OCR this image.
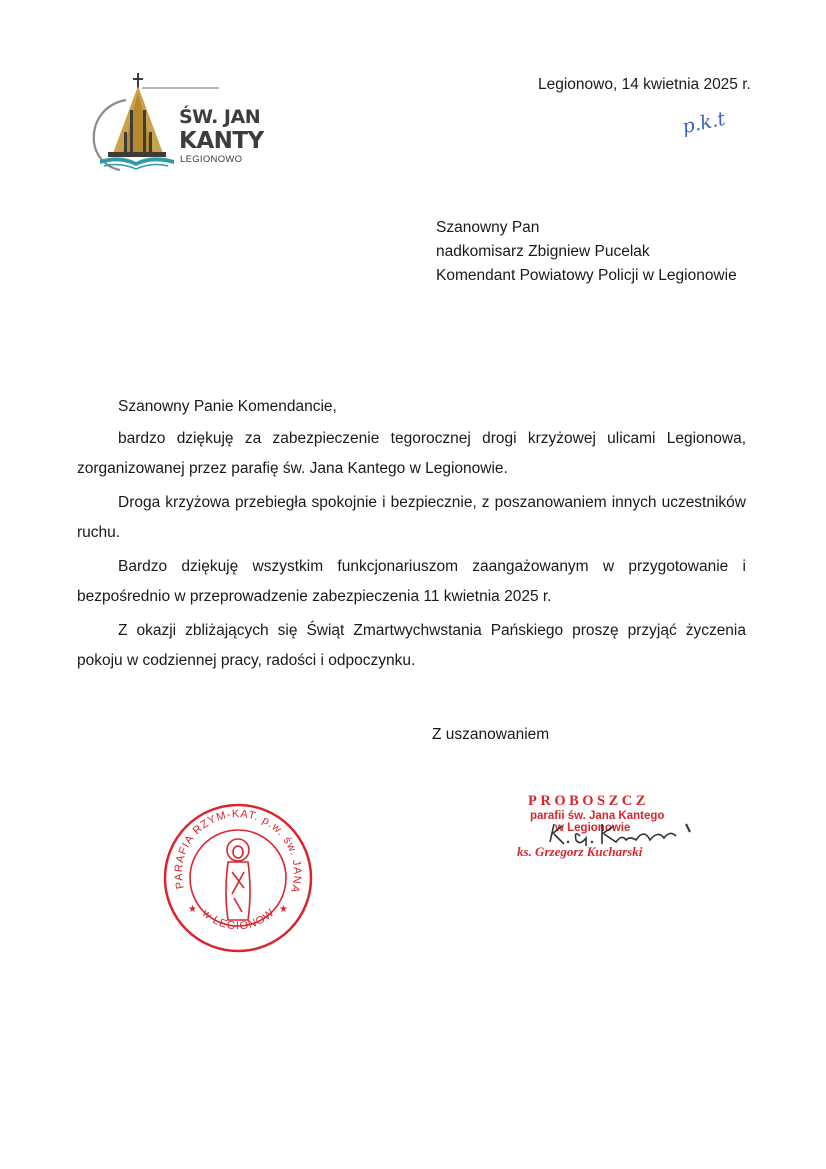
ŚW. JAN
KANTY
LEGIONOWO
Legionowo, 14 kwietnia 2025 r.
p.k.t
Szanowny Pan
nadkomisarz Zbigniew Pucelak
Komendant Powiatowy Policji w Legionowie

Szanowny Panie Komendancie,

bardzo dziękuję za zabezpieczenie tegorocznej drogi krzyżowej ulicami Legionowa, zorganizowanej przez parafię św. Jana Kantego w Legionowie.

Droga krzyżowa przebiegła spokojnie i bezpiecznie, z poszanowaniem innych uczestników ruchu.

Bardzo dziękuję wszystkim funkcjonariuszom zaangażowanym w przygotowanie i bezpośrednio w przeprowadzenie zabezpieczenia 11 kwietnia 2025 r.

Z okazji zbliżających się Świąt Zmartwychwstania Pańskiego proszę przyjąć życzenia pokoju w codziennej pracy, radości i odpoczynku.

Z uszanowaniem
PARAFIA RZYM-KAT. p.w. św. JANA
w LEGIONOW
★	★
PROBOSZCZ
parafii św. Jana Kantego
w Legionowie
ks. Grzegorz Kucharski
